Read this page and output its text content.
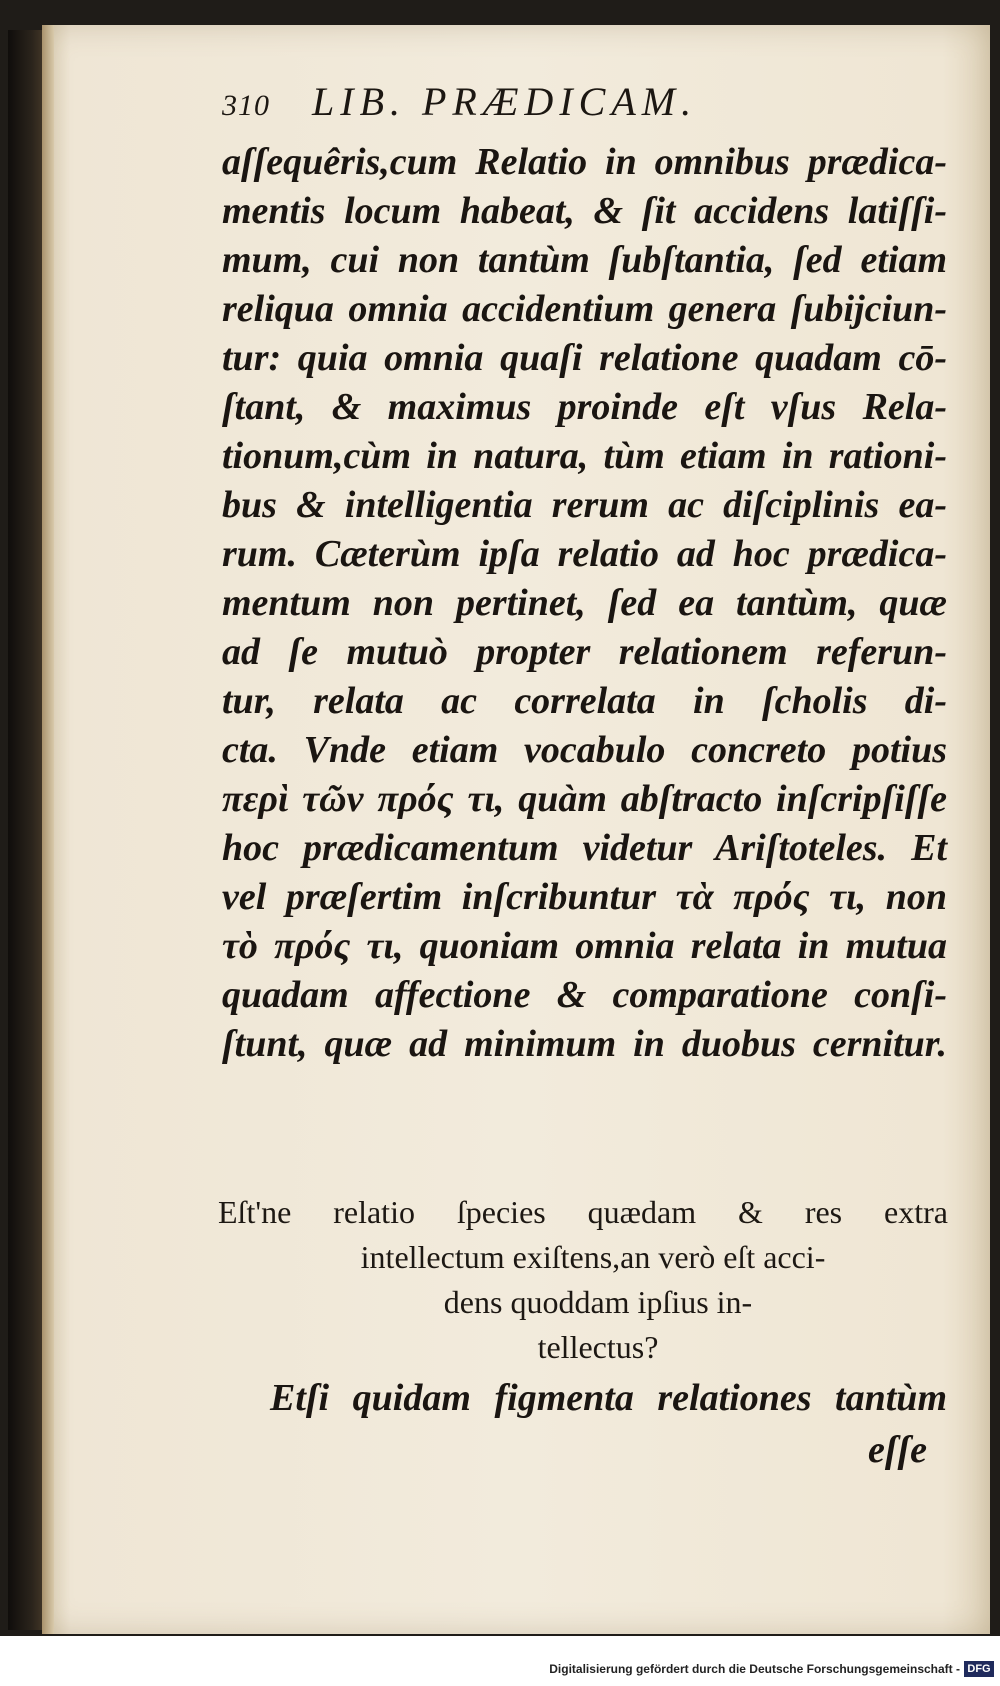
310 LIB. PRÆDICAM.
aſſequêris,cum Relatio in omnibus prædica-
mentis locum habeat, & ſit accidens latiſſi-
mum, cui non tantùm ſubſtantia, ſed etiam
reliqua omnia accidentium genera ſubijciun-
tur: quia omnia quaſi relatione quadam cō-
ſtant, & maximus proinde eſt vſus Rela-
tionum,cùm in natura, tùm etiam in rationi-
bus & intelligentia rerum ac diſciplinis ea-
rum. Cæterùm ipſa relatio ad hoc prædica-
mentum non pertinet, ſed ea tantùm, quæ
ad ſe mutuò propter relationem referun-
tur, relata ac correlata in ſcholis di-
cta. Vnde etiam vocabulo concreto potius
περὶ τῶν πρός τι, quàm abſtracto inſcripſiſſe
hoc prædicamentum videtur Ariſtoteles. Et
vel præſertim inſcribuntur τὰ πρός τι, non
τὸ πρός τι, quoniam omnia relata in mutua
quadam affectione & comparatione conſi-
ſtunt, quæ ad minimum in duobus cernitur.
Eſt'ne relatio ſpecies quædam & res extra
intellectum exiſtens,an verò eſt acci-
dens quoddam ipſius in-
tellectus?
Etſi quidam figmenta relationes tantùm
eſſe
Digitalisierung gefördert durch die Deutsche Forschungsgemeinschaft - DFG
